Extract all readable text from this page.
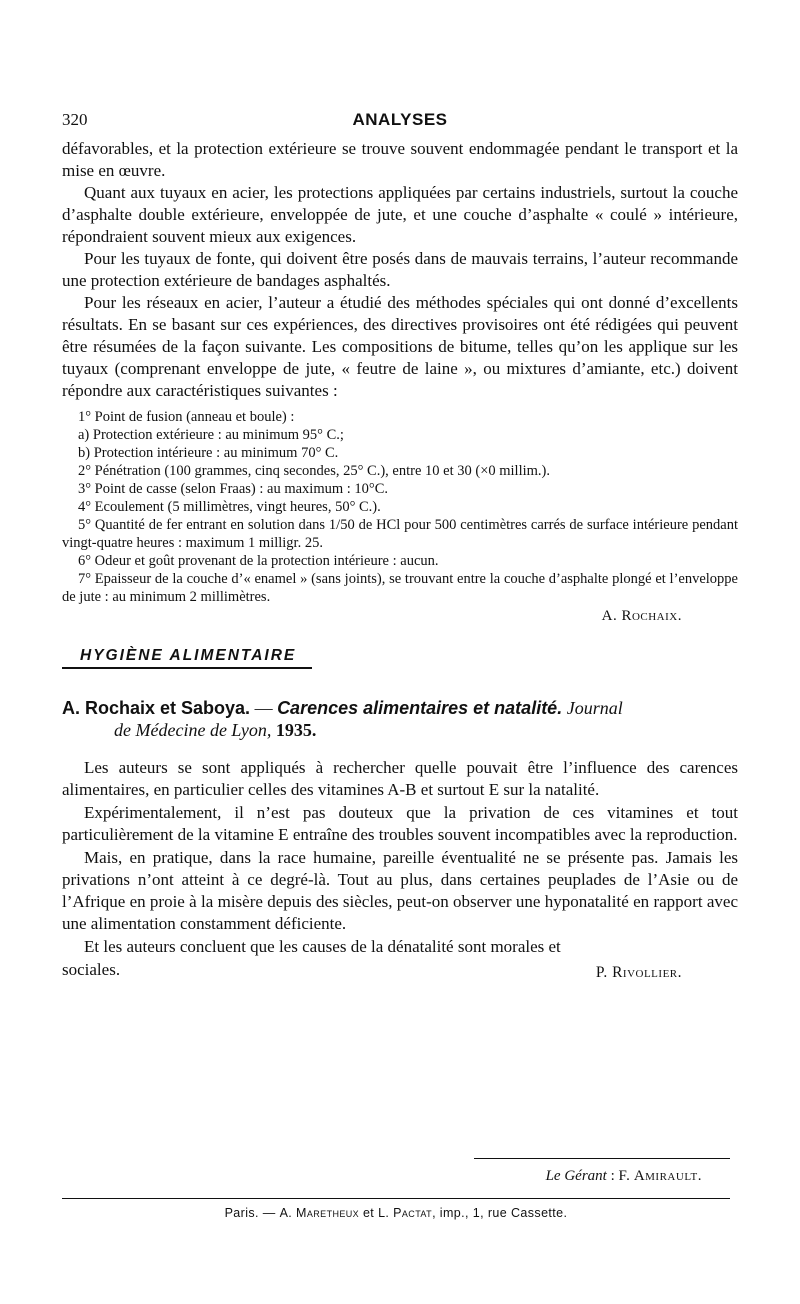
320	ANALYSES

défavorables, et la protection extérieure se trouve souvent endommagée pendant le transport et la mise en œuvre.

Quant aux tuyaux en acier, les protections appliquées par certains industriels, surtout la couche d’asphalte double extérieure, enveloppée de jute, et une couche d’asphalte « coulé » intérieure, répondraient souvent mieux aux exigences.

Pour les tuyaux de fonte, qui doivent être posés dans de mauvais terrains, l’auteur recommande une protection extérieure de bandages asphaltés.

Pour les réseaux en acier, l’auteur a étudié des méthodes spéciales qui ont donné d’excellents résultats. En se basant sur ces expériences, des directives provisoires ont été rédigées qui peuvent être résumées de la façon suivante. Les compositions de bitume, telles qu’on les applique sur les tuyaux (comprenant enveloppe de jute, « feutre de laine », ou mixtures d’amiante, etc.) doivent répondre aux caractéristiques suivantes :

1° Point de fusion (anneau et boule) :

a) Protection extérieure : au minimum 95° C.;

b) Protection intérieure : au minimum 70° C.

2° Pénétration (100 grammes, cinq secondes, 25° C.), entre 10 et 30 (×0 millim.).

3° Point de casse (selon Fraas) : au maximum : 10°C.

4° Ecoulement (5 millimètres, vingt heures, 50° C.).

5° Quantité de fer entrant en solution dans 1/50 de HCl pour 500 centimètres carrés de surface intérieure pendant vingt-quatre heures : maximum 1 milligr. 25.

6° Odeur et goût provenant de la protection intérieure : aucun.

7° Epaisseur de la couche d’« enamel » (sans joints), se trouvant entre la couche d’asphalte plongé et l’enveloppe de jute : au minimum 2 millimètres.

A. Rochaix.

HYGIÈNE ALIMENTAIRE
A. Rochaix et Saboya. — Carences alimentaires et natalité. Journal
de Médecine de Lyon, 1935.

Les auteurs se sont appliqués à rechercher quelle pouvait être l’influence des carences alimentaires, en particulier celles des vitamines A-B et surtout E sur la natalité.

Expérimentalement, il n’est pas douteux que la privation de ces vitamines et tout particulièrement de la vitamine E entraîne des troubles souvent incompatibles avec la reproduction.

Mais, en pratique, dans la race humaine, pareille éventualité ne se présente pas. Jamais les privations n’ont atteint à ce degré-là. Tout au plus, dans certaines peuplades de l’Asie ou de l’Afrique en proie à la misère depuis des siècles, peut-on observer une hyponatalité en rapport avec une alimentation constamment déficiente.

Et les auteurs concluent que les causes de la dénatalité sont morales et

sociales.	P. Rivollier.
Le Gérant : F. Amirault.
Paris. — A. Maretheux et L. Pactat, imp., 1, rue Cassette.
